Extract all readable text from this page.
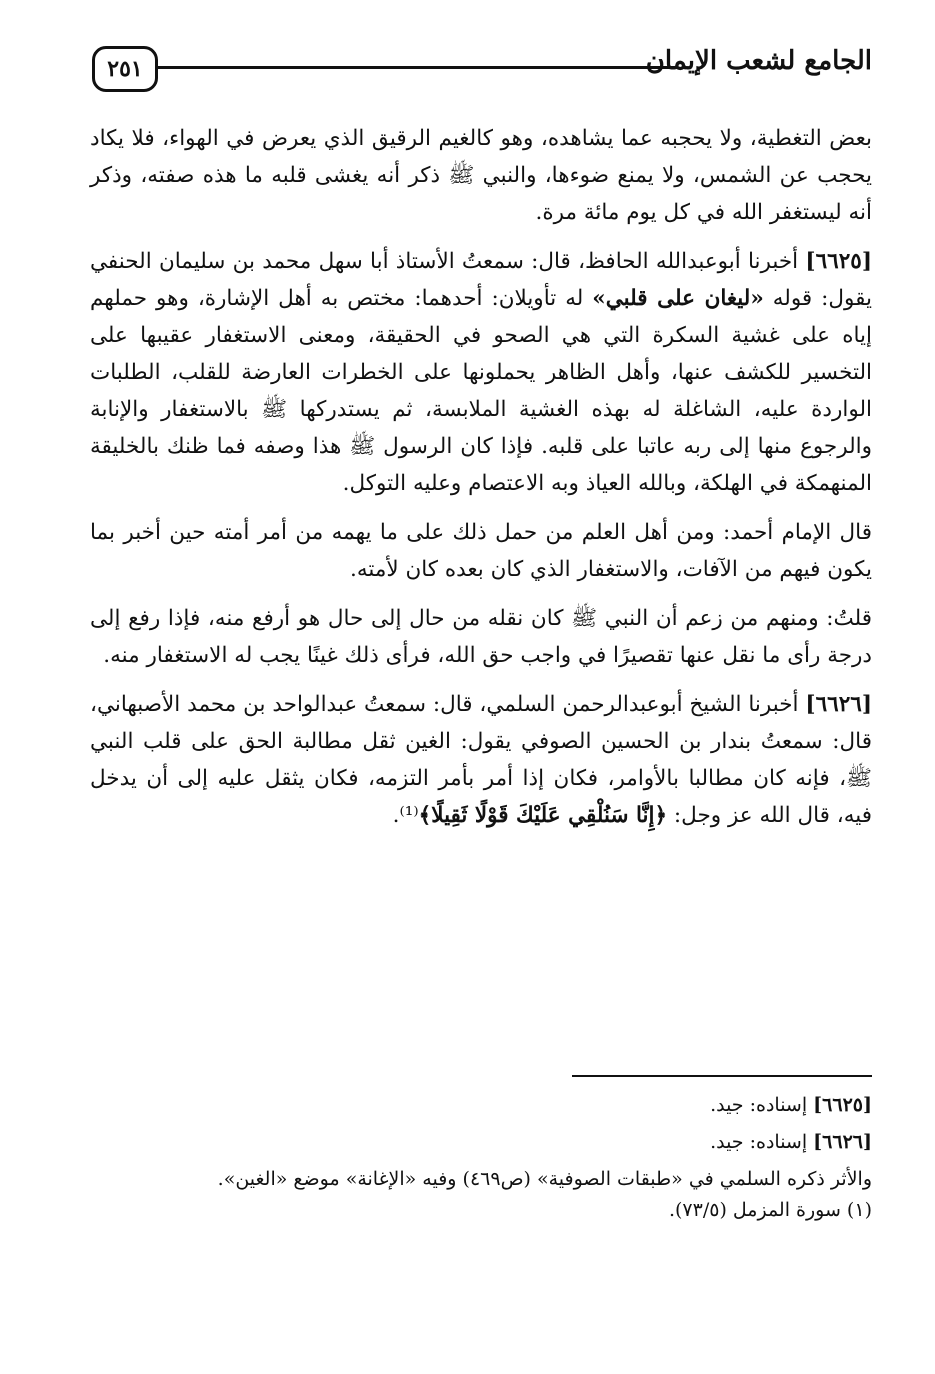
٢٥١	الجامع لشعب الإيمان

بعض التغطية، ولا يحجبه عما يشاهده، وهو كالغيم الرقيق الذي يعرض في الهواء، فلا يكاد يحجب عن الشمس، ولا يمنع ضوءها، والنبي ﷺ ذكر أنه يغشى قلبه ما هذه صفته، وذكر أنه ليستغفر الله في كل يوم مائة مرة.

[٦٦٢٥] أخبرنا أبوعبدالله الحافظ، قال: سمعتُ الأستاذ أبا سهل محمد بن سليمان الحنفي يقول: قوله «ليغان على قلبي» له تأويلان: أحدهما: مختص به أهل الإشارة، وهو حملهم إياه على غشية السكرة التي هي الصحو في الحقيقة، ومعنى الاستغفار عقيبها على التخسير للكشف عنها، وأهل الظاهر يحملونها على الخطرات العارضة للقلب، الطلبات الواردة عليه، الشاغلة له بهذه الغشية الملابسة، ثم يستدركها ﷺ بالاستغفار والإنابة والرجوع منها إلى ربه عاتبا على قلبه. فإذا كان الرسول ﷺ هذا وصفه فما ظنك بالخليقة المنهمكة في الهلكة، وبالله العياذ وبه الاعتصام وعليه التوكل.

قال الإمام أحمد: ومن أهل العلم من حمل ذلك على ما يهمه من أمر أمته حين أخبر بما يكون فيهم من الآفات، والاستغفار الذي كان بعده كان لأمته.

قلتُ: ومنهم من زعم أن النبي ﷺ كان نقله من حال إلى حال هو أرفع منه، فإذا رفع إلى درجة رأى ما نقل عنها تقصيرًا في واجب حق الله، فرأى ذلك غينًا يجب له الاستغفار منه.

[٦٦٢٦] أخبرنا الشيخ أبوعبدالرحمن السلمي، قال: سمعتُ عبدالواحد بن محمد الأصبهاني، قال: سمعتُ بندار بن الحسين الصوفي يقول: الغين ثقل مطالبة الحق على قلب النبي ﷺ، فإنه كان مطالبا بالأوامر، فكان إذا أمر بأمر التزمه، فكان يثقل عليه إلى أن يدخل فيه، قال الله عز وجل: ﴿إِنَّا سَنُلْقِي عَلَيْكَ قَوْلًا ثَقِيلًا﴾⁽¹⁾.

[٦٦٢٥] إسناده: جيد.

[٦٦٢٦] إسناده: جيد.

والأثر ذكره السلمي في «طبقات الصوفية» (ص٤٦٩) وفيه «الإغانة» موضع «الغين».

(١) سورة المزمل (٧٣/٥).
